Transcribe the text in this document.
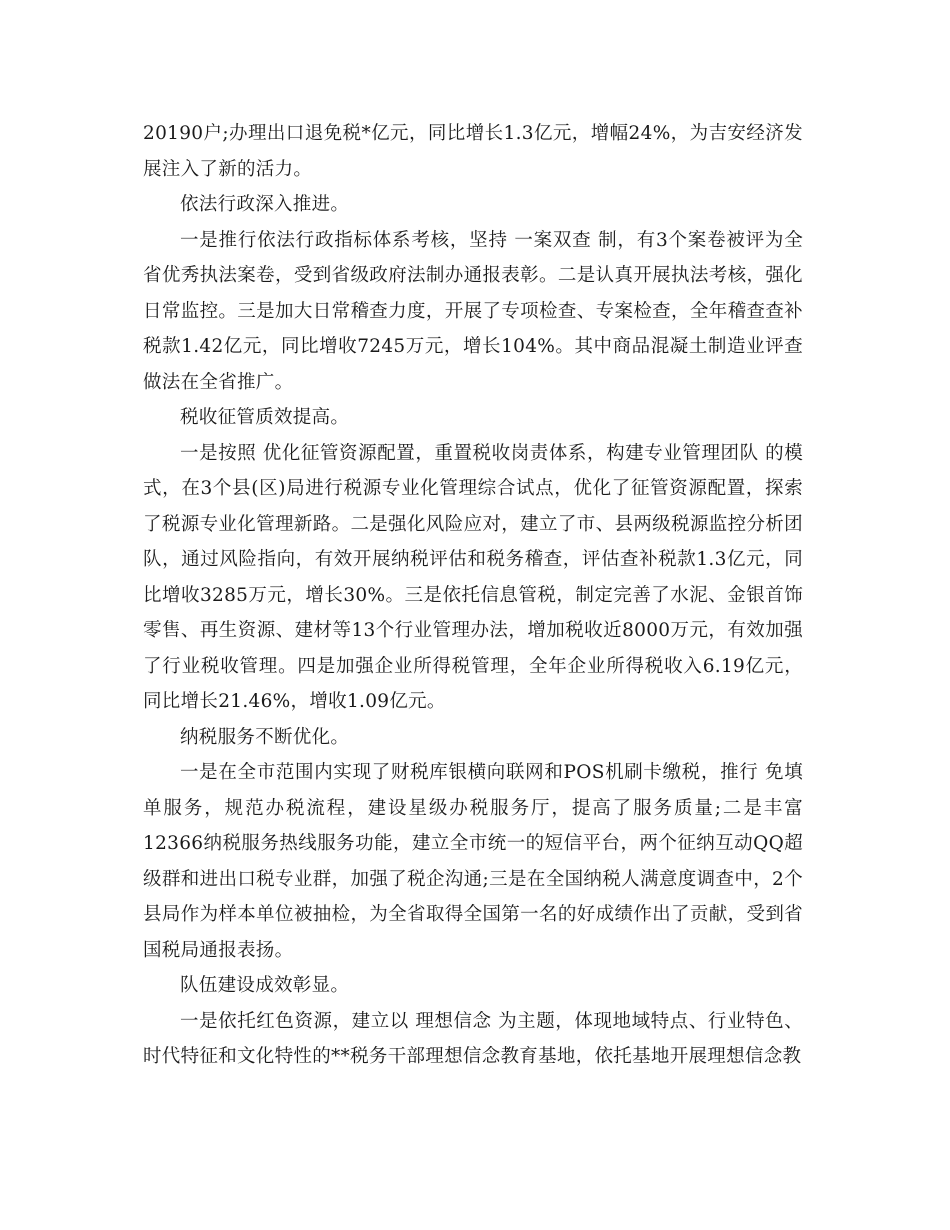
20190户;办理出口退免税*亿元，同比增长1.3亿元，增幅24%，为吉安经济发展注入了新的活力。

依法行政深入推进。

一是推行依法行政指标体系考核，坚持 一案双查 制，有3个案卷被评为全省优秀执法案卷，受到省级政府法制办通报表彰。二是认真开展执法考核，强化日常监控。三是加大日常稽查力度，开展了专项检查、专案检查，全年稽查查补税款1.42亿元，同比增收7245万元，增长104%。其中商品混凝土制造业评查做法在全省推广。

税收征管质效提高。

一是按照 优化征管资源配置，重置税收岗责体系，构建专业管理团队 的模式，在3个县(区)局进行税源专业化管理综合试点，优化了征管资源配置，探索了税源专业化管理新路。二是强化风险应对，建立了市、县两级税源监控分析团队，通过风险指向，有效开展纳税评估和税务稽查，评估查补税款1.3亿元，同比增收3285万元，增长30%。三是依托信息管税，制定完善了水泥、金银首饰零售、再生资源、建材等13个行业管理办法，增加税收近8000万元，有效加强了行业税收管理。四是加强企业所得税管理，全年企业所得税收入6.19亿元，同比增长21.46%，增收1.09亿元。

纳税服务不断优化。

一是在全市范围内实现了财税库银横向联网和POS机刷卡缴税，推行 免填单服务，规范办税流程，建设星级办税服务厅，提高了服务质量;二是丰富12366纳税服务热线服务功能，建立全市统一的短信平台，两个征纳互动QQ超级群和进出口税专业群，加强了税企沟通;三是在全国纳税人满意度调查中，2个县局作为样本单位被抽检，为全省取得全国第一名的好成绩作出了贡献，受到省国税局通报表扬。

队伍建设成效彰显。

一是依托红色资源，建立以 理想信念 为主题，体现地域特点、行业特色、时代特征和文化特性的**税务干部理想信念教育基地，依托基地开展理想信念教
